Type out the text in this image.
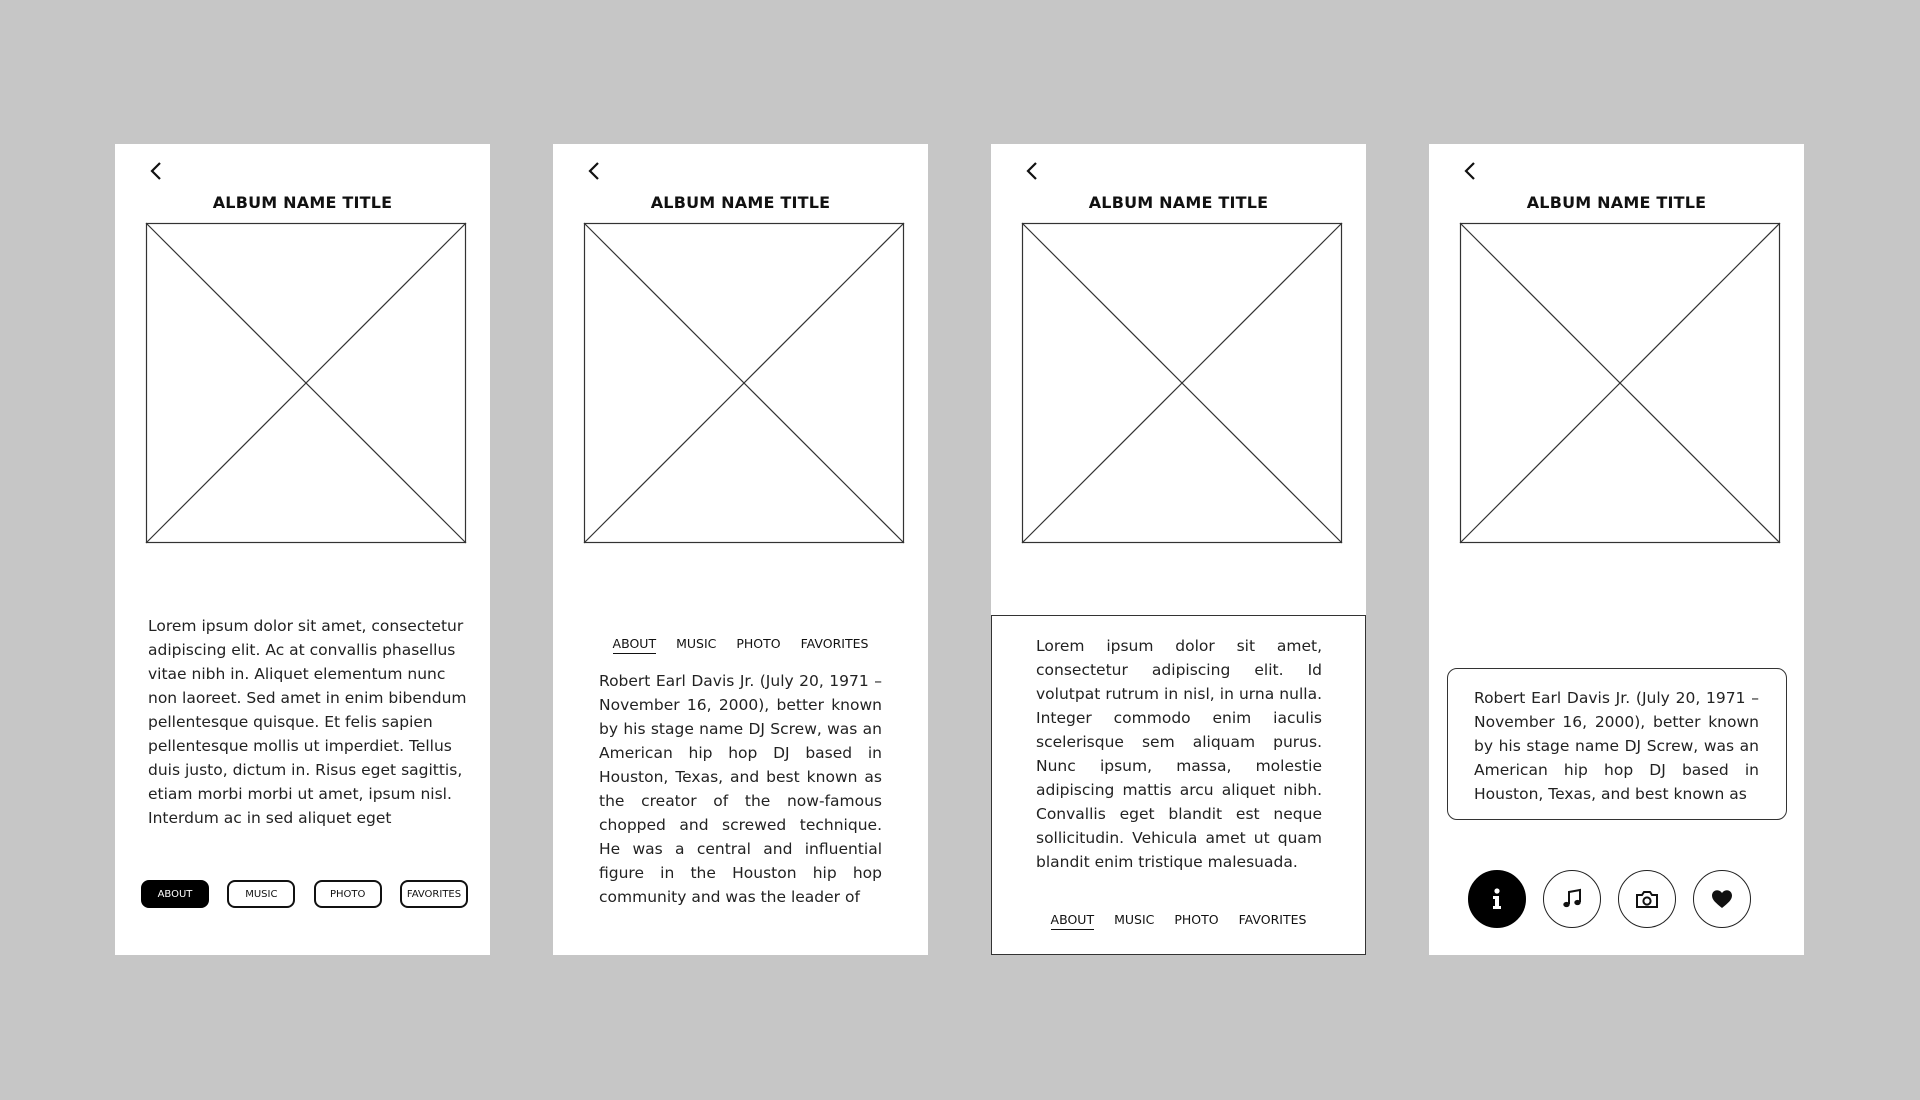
ALBUM NAME TITLE
Lorem ipsum dolor sit amet, consectetur adipiscing elit. Ac at convallis phasellus vitae nibh in. Aliquet elementum nunc non laoreet. Sed amet in enim bibendum pellentesque quisque. Et felis sapien pellentesque mollis ut imperdiet. Tellus duis justo, dictum in. Risus eget sagittis, etiam morbi morbi ut amet, ipsum nisl. Interdum ac in sed aliquet eget
ABOUT	MUSIC	PHOTO	FAVORITES
ALBUM NAME TITLE
ABOUT MUSIC PHOTO FAVORITES
Robert Earl Davis Jr. (July 20, 1971 – November 16, 2000), better known by his stage name DJ Screw, was an American hip hop DJ based in Houston, Texas, and best known as the creator of the now-famous chopped and screwed technique. He was a central and influential figure in the Houston hip hop community and was the leader of
ALBUM NAME TITLE
Lorem ipsum dolor sit amet, consectetur adipiscing elit. Id volutpat rutrum in nisl, in urna nulla. Integer commodo enim iaculis scelerisque sem aliquam purus. Nunc ipsum, massa, molestie adipiscing mattis arcu aliquet nibh. Convallis eget blandit est neque sollicitudin. Vehicula amet ut quam blandit enim tristique malesuada.
ABOUT MUSIC PHOTO FAVORITES
ALBUM NAME TITLE
Robert Earl Davis Jr. (July 20, 1971 – November 16, 2000), better known by his stage name DJ Screw, was an American hip hop DJ based in Houston, Texas, and best known as
